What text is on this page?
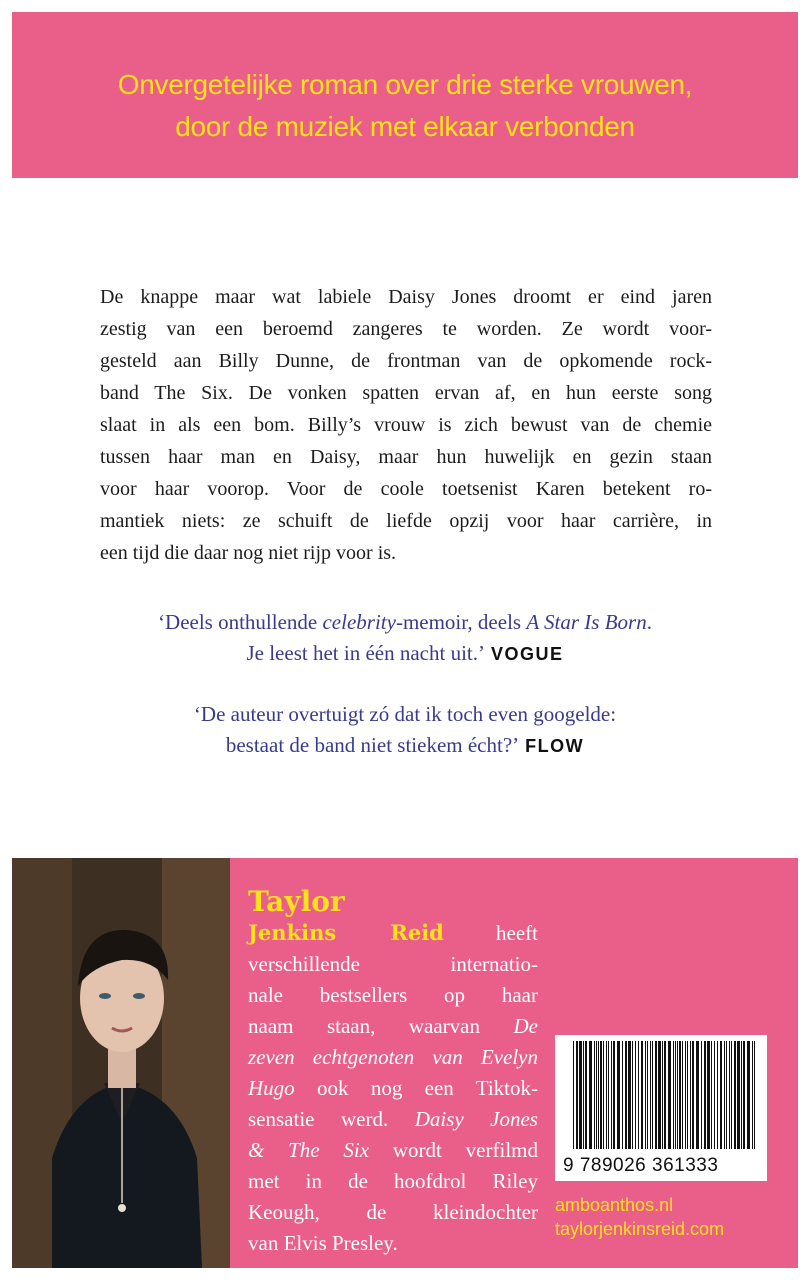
Onvergetelijke roman over drie sterke vrouwen,
door de muziek met elkaar verbonden
De knappe maar wat labiele Daisy Jones droomt er eind jaren
zestig van een beroemd zangeres te worden. Ze wordt voor-
gesteld aan Billy Dunne, de frontman van de opkomende rock-
band The Six. De vonken spatten ervan af, en hun eerste song
slaat in als een bom. Billy’s vrouw is zich bewust van de chemie
tussen haar man en Daisy, maar hun huwelijk en gezin staan
voor haar voorop. Voor de coole toetsenist Karen betekent ro-
mantiek niets: ze schuift de liefde opzij voor haar carrière, in
een tijd die daar nog niet rijp voor is.
‘Deels onthullende celebrity-memoir, deels A Star Is Born.
Je leest het in één nacht uit.’ VOGUE
‘De auteur overtuigt zó dat ik toch even googelde:
bestaat de band niet stiekem écht?’ FLOW
Taylor
Jenkins Reid heeft
verschillende internatio-
nale bestsellers op haar
naam staan, waarvan De
zeven echtgenoten van Evelyn
Hugo ook nog een Tiktok-
sensatie werd. Daisy Jones
& The Six wordt verfilmd
met in de hoofdrol Riley
Keough, de kleindochter
van Elvis Presley.
9 789026 361333
amboanthos.nl
taylorjenkinsreid.com
